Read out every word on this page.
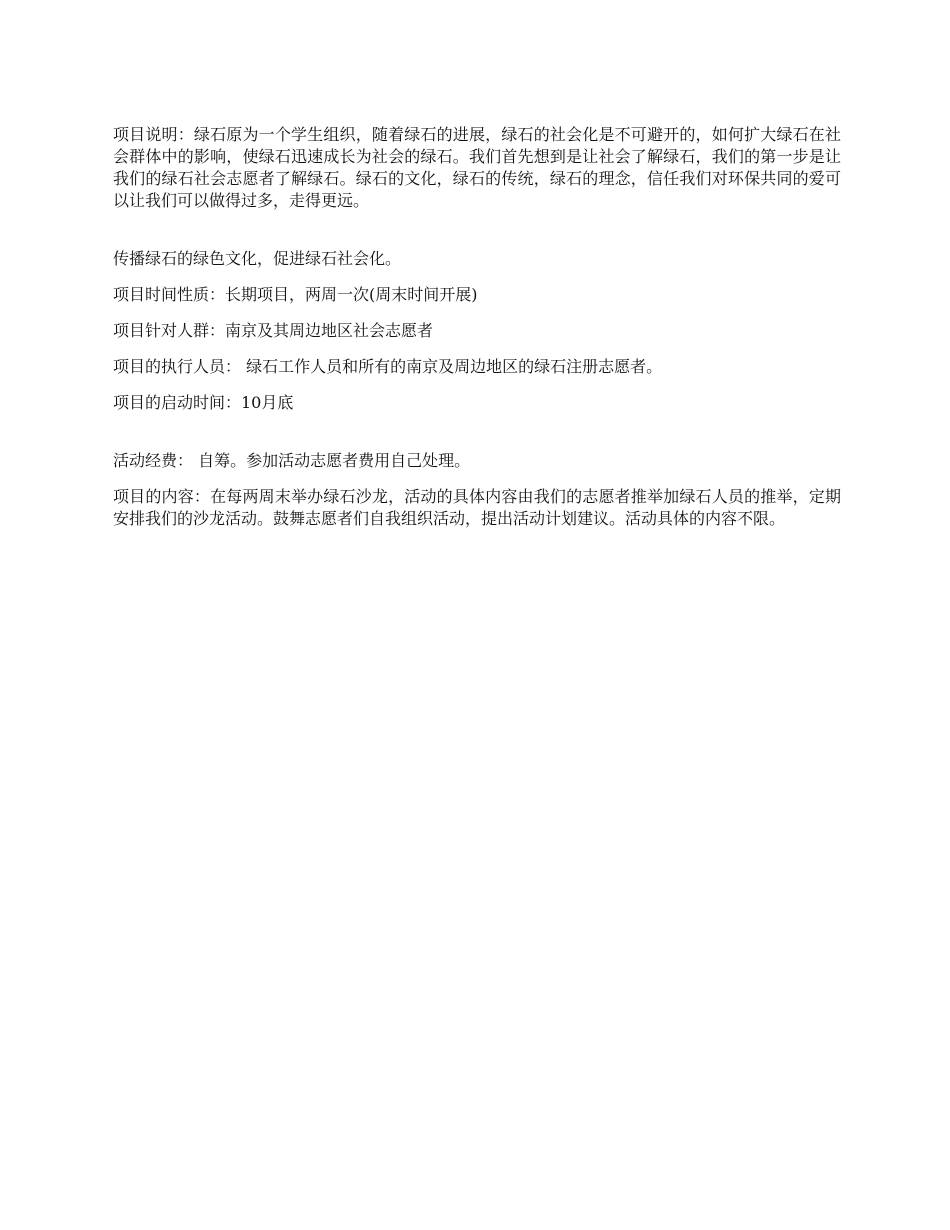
项目说明：绿石原为一个学生组织，随着绿石的进展，绿石的社会化是不可避开的，如何扩大绿石在社会群体中的影响，使绿石迅速成长为社会的绿石。我们首先想到是让社会了解绿石，我们的第一步是让我们的绿石社会志愿者了解绿石。绿石的文化，绿石的传统，绿石的理念，信任我们对环保共同的爱可以让我们可以做得过多，走得更远。

传播绿石的绿色文化，促进绿石社会化。

项目时间性质：长期项目，两周一次(周末时间开展)

项目针对人群：南京及其周边地区社会志愿者

项目的执行人员： 绿石工作人员和所有的南京及周边地区的绿石注册志愿者。

项目的启动时间：10月底

活动经费： 自筹。参加活动志愿者费用自己处理。

项目的内容：在每两周末举办绿石沙龙，活动的具体内容由我们的志愿者推举加绿石人员的推举，定期安排我们的沙龙活动。鼓舞志愿者们自我组织活动，提出活动计划建议。活动具体的内容不限。
